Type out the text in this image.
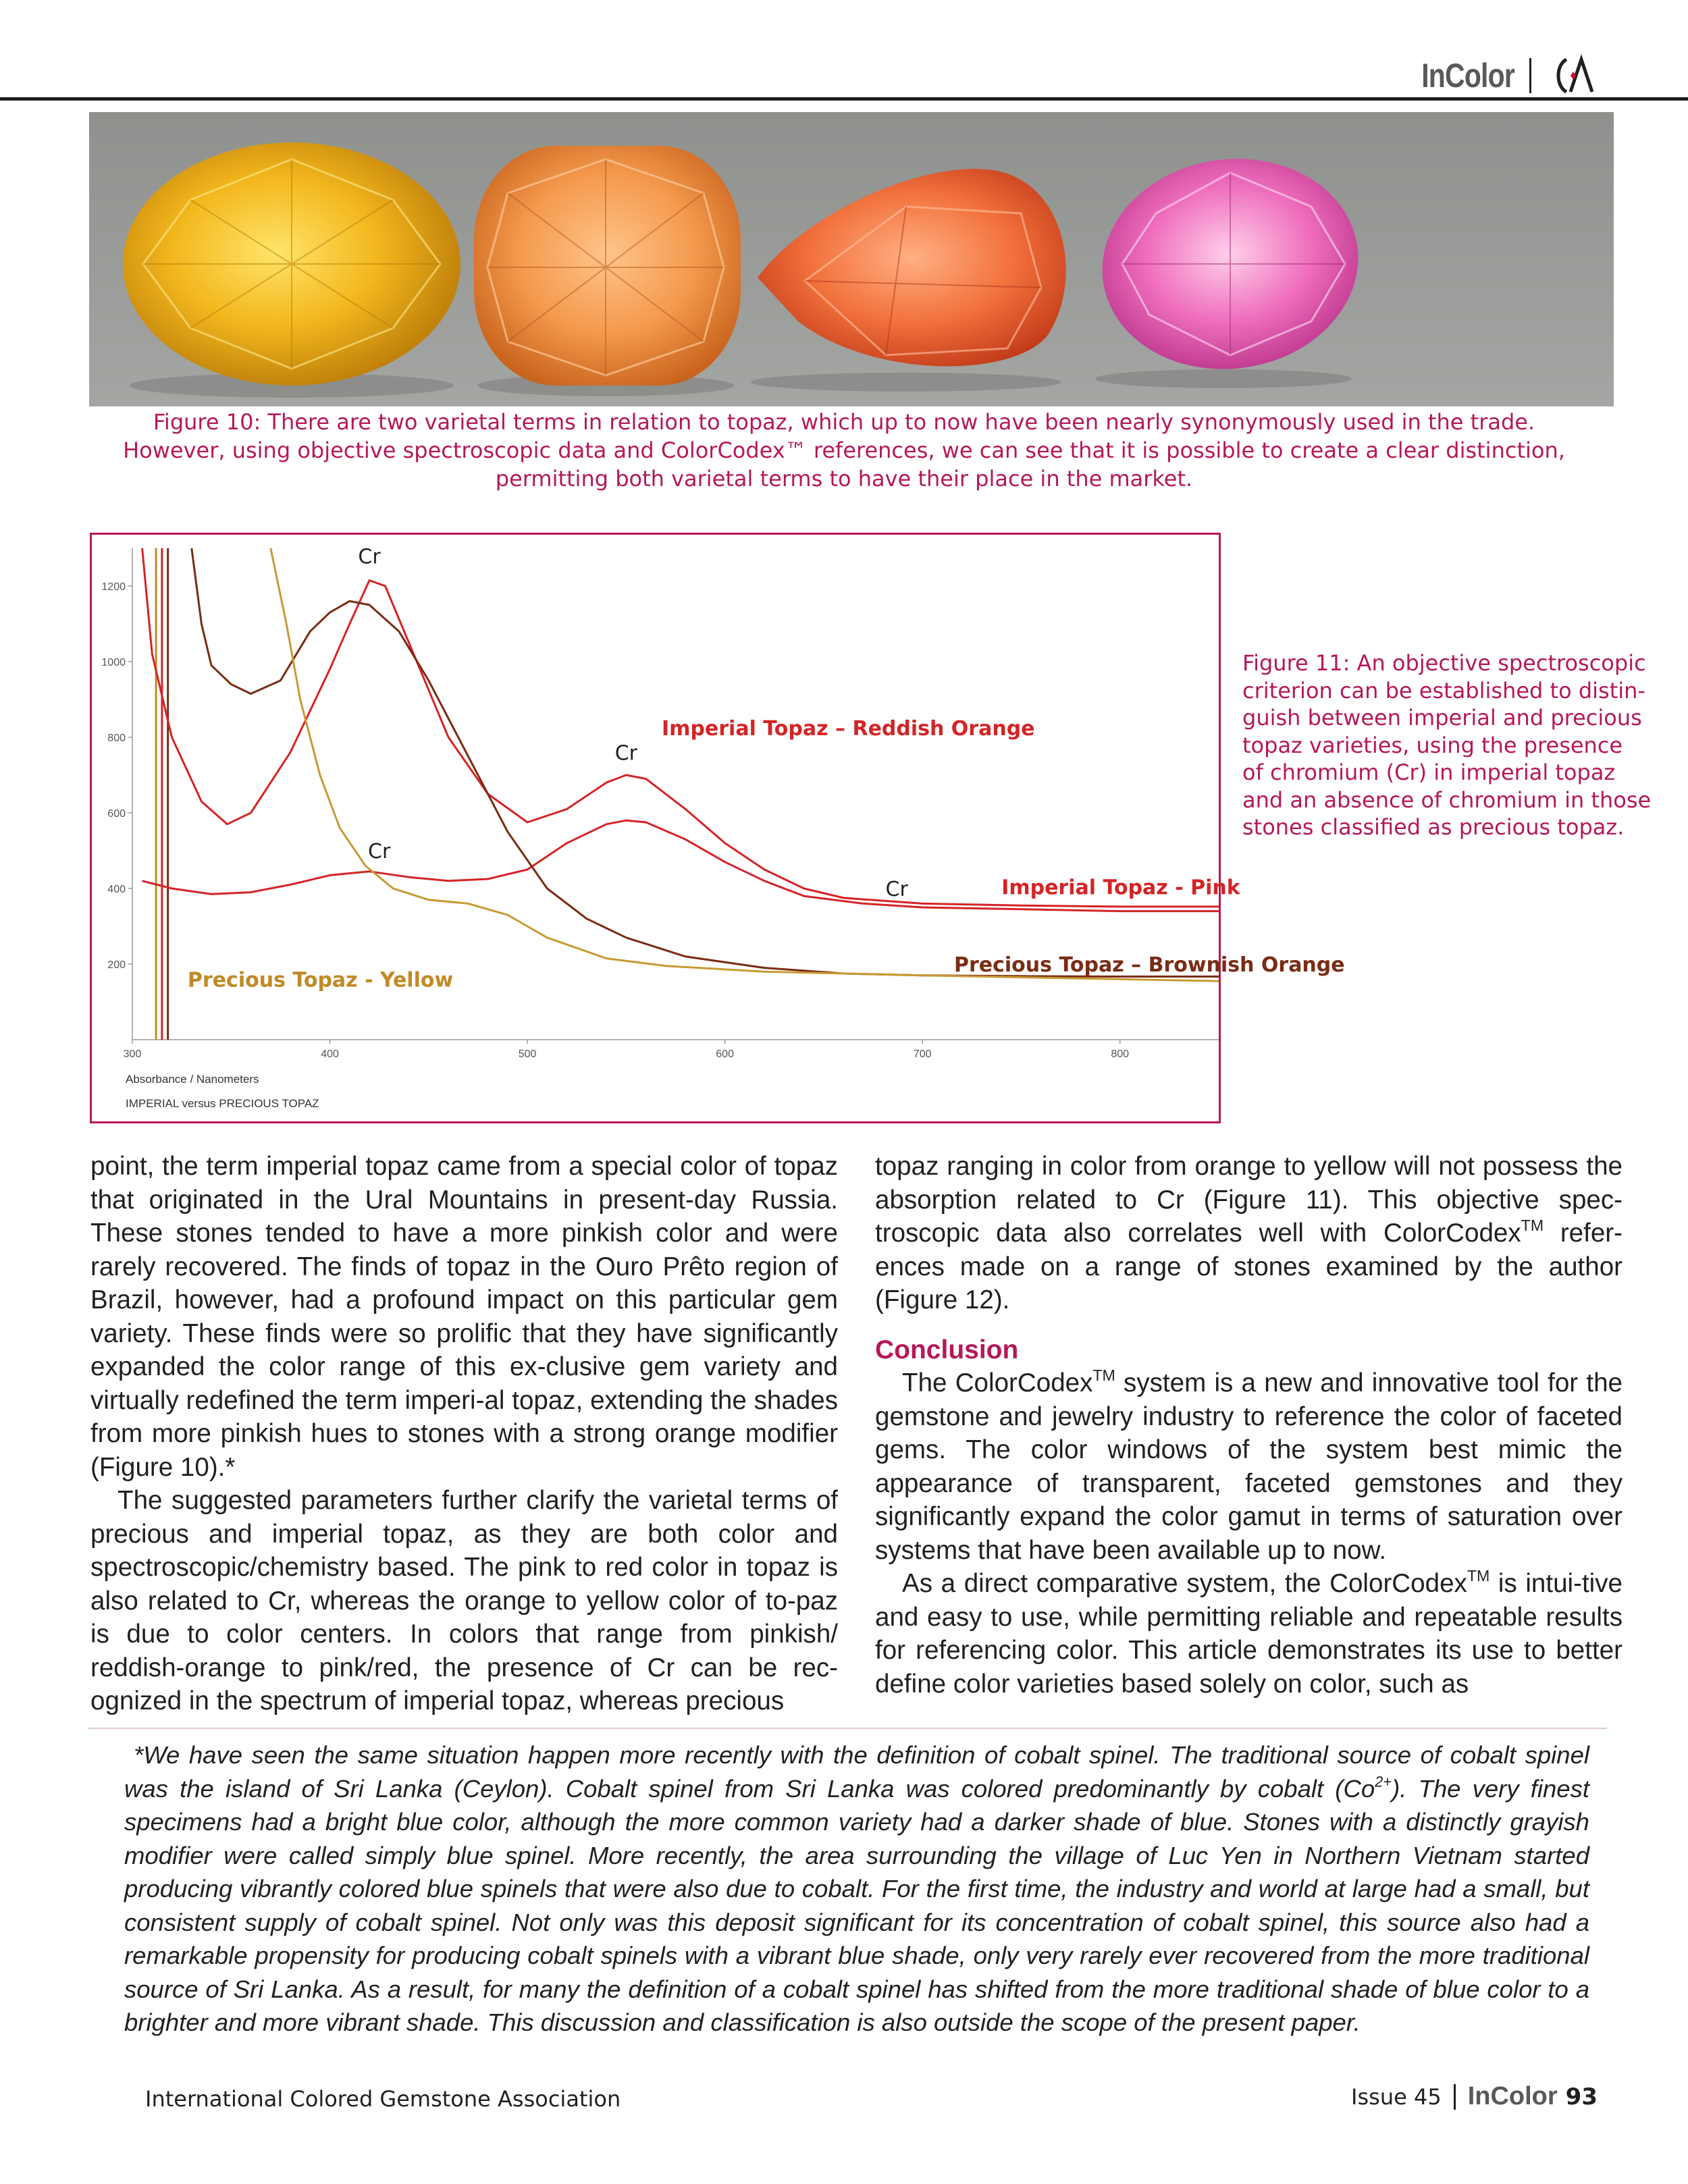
InColor
Figure 10: There are two varietal terms in relation to topaz, which up to now have been nearly synonymously used in the trade.
However, using objective spectroscopic data and ColorCodex™ references, we can see that it is possible to create a clear distinction,
permitting both varietal terms to have their place in the market.
200
400
600
800
1000
1200
300	400	500	600	700	800
Cr
Cr
Cr
Cr
Imperial Topaz – Reddish Orange
Imperial Topaz - Pink
Precious Topaz – Brownish Orange
Precious Topaz - Yellow
Absorbance / Nanometers
IMPERIAL versus PRECIOUS TOPAZ
Figure 11: An objective spectroscopic
criterion can be established to distin-
guish between imperial and precious
topaz varieties, using the presence
of chromium (Cr) in imperial topaz
and an absence of chromium in those
stones classified as precious topaz.

point, the term imperial topaz came from a special color of topaz that originated in the Ural Mountains in present-day Russia. These stones tended to have a more pinkish color and were rarely recovered. The finds of topaz in the Ouro Prêto region of Brazil, however, had a profound impact on this particular gem variety. These finds were so prolific that they have significantly expanded the color range of this ex-clusive gem variety and virtually redefined the term imperi-al topaz, extending the shades from more pinkish hues to stones with a strong orange modifier (Figure 10).*

The suggested parameters further clarify the varietal terms of precious and imperial topaz, as they are both color and spectroscopic/chemistry based. The pink to red color in topaz is also related to Cr, whereas the orange to yellow color of to-paz is due to color centers. In colors that range from pinkish/ reddish-orange to pink/red, the presence of Cr can be rec-ognized in the spectrum of imperial topaz, whereas precious

topaz ranging in color from orange to yellow will not possess the absorption related to Cr (Figure 11). This objective spec-troscopic data also correlates well with ColorCodex™ refer-ences made on a range of stones examined by the author (Figure 12).

Conclusion

The ColorCodex™ system is a new and innovative tool for the gemstone and jewelry industry to reference the color of faceted gems. The color windows of the system best mimic the appearance of transparent, faceted gemstones and they significantly expand the color gamut in terms of saturation over systems that have been available up to now.

As a direct comparative system, the ColorCodex™ is intui-tive and easy to use, while permitting reliable and repeatable results for referencing color. This article demonstrates its use to better define color varieties based solely on color, such as

*We have seen the same situation happen more recently with the definition of cobalt spinel. The traditional source of cobalt spinel was the island of Sri Lanka (Ceylon). Cobalt spinel from Sri Lanka was colored predominantly by cobalt $(Co^{2+})$. The very finest specimens had a bright blue color, although the more common variety had a darker shade of blue. Stones with a distinctly grayish modifier were called simply blue spinel. More recently, the area surrounding the village of Luc Yen in Northern Vietnam started producing vibrantly colored blue spinels that were also due to cobalt. For the first time, the industry and world at large had a small, but consistent supply of cobalt spinel. Not only was this deposit significant for its concentration of cobalt spinel, this source also had a remarkable propensity for producing cobalt spinels with a vibrant blue shade, only very rarely ever recovered from the more traditional source of Sri Lanka. As a result, for many the definition of a cobalt spinel has shifted from the more traditional shade of blue color to a brighter and more vibrant shade. This discussion and classification is also outside the scope of the present paper.

International Colored Gemstone Association	Issue 45 InColor 93
